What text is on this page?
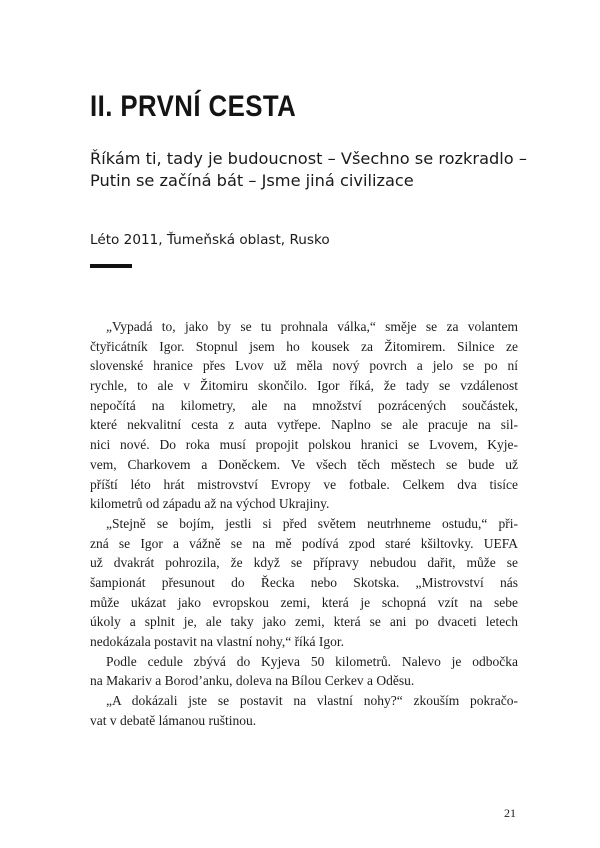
II. PRVNÍ CESTA

Říkám ti, tady je budoucnost – Všechno se rozkradlo – Putin se začíná bát – Jsme jiná civilizace

Léto 2011, Ťumeňská oblast, Rusko

„Vypadá to, jako by se tu prohnala válka,“ směje se za volantem
čtyřicátník Igor. Stopnul jsem ho kousek za Žitomirem. Silnice ze
slovenské hranice přes Lvov už měla nový povrch a jelo se po ní
rychle, to ale v Žitomiru skončilo. Igor říká, že tady se vzdálenost
nepočítá na kilometry, ale na množství pozrácených součástek,
které nekvalitní cesta z auta vytřepe. Naplno se ale pracuje na sil-
nici nové. Do roka musí propojit polskou hranici se Lvovem, Kyje-
vem, Charkovem a Doněckem. Ve všech těch městech se bude už
příští léto hrát mistrovství Evropy ve fotbale. Celkem dva tisíce
kilometrů od západu až na východ Ukrajiny.
„Stejně se bojím, jestli si před světem neutrhneme ostudu,“ při-
zná se Igor a vážně se na mě podívá zpod staré kšiltovky. UEFA
už dvakrát pohrozila, že když se přípravy nebudou dařit, může se
šampionát přesunout do Řecka nebo Skotska. „Mistrovství nás
může ukázat jako evropskou zemi, která je schopná vzít na sebe
úkoly a splnit je, ale taky jako zemi, která se ani po dvaceti letech
nedokázala postavit na vlastní nohy,“ říká Igor.
Podle cedule zbývá do Kyjeva 50 kilometrů. Nalevo je odbočka
na Makariv a Borodʼanku, doleva na Bílou Cerkev a Oděsu.
„A dokázali jste se postavit na vlastní nohy?“ zkouším pokračo-
vat v debatě lámanou ruštinou.
21
